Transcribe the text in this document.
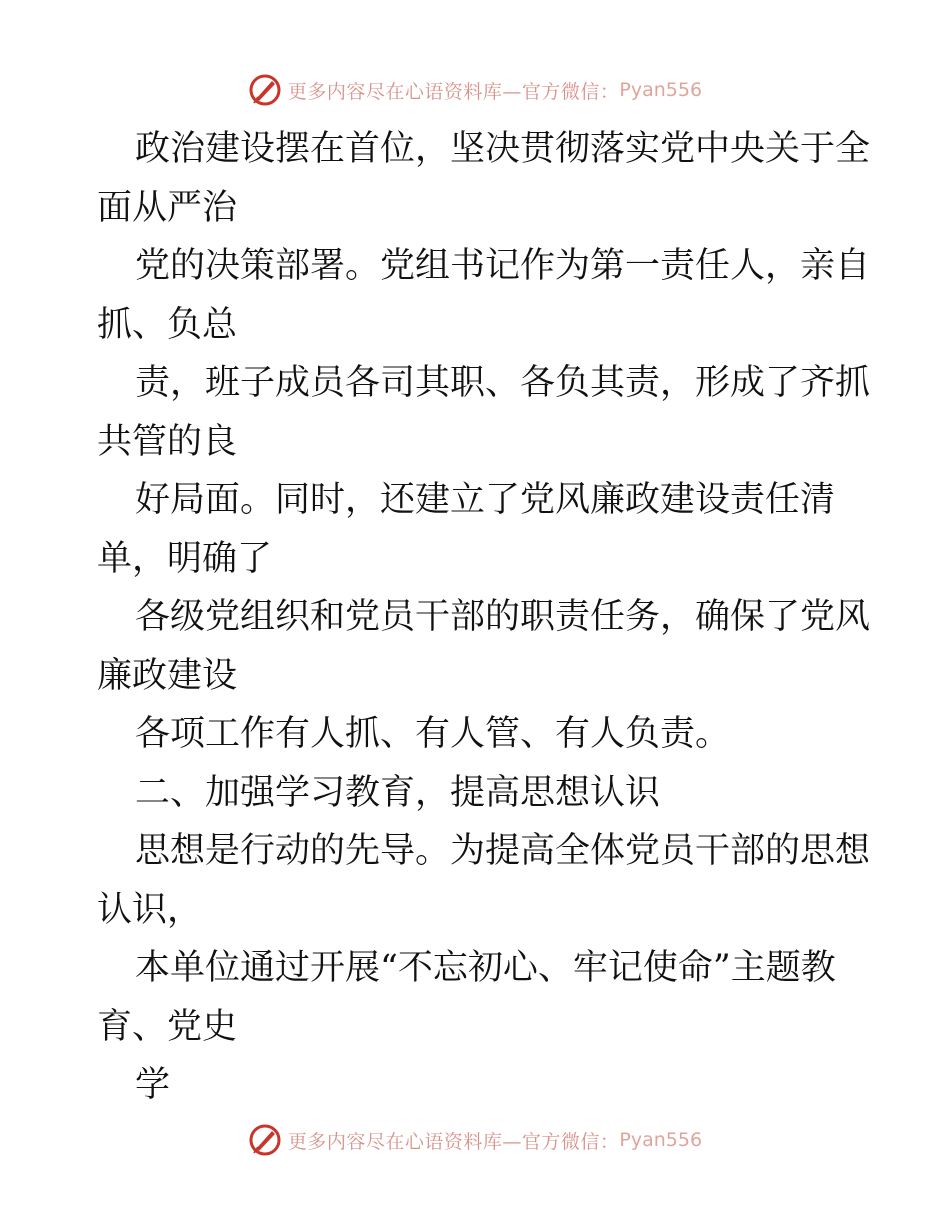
更多内容尽在心语资料库—官方微信： Pyan556
政治建设摆在首位，坚决贯彻落实党中央关于全
面从严治
党的决策部署。党组书记作为第一责任人，亲自
抓、负总
责，班子成员各司其职、各负其责，形成了齐抓
共管的良
好局面。同时，还建立了党风廉政建设责任清
单，明确了
各级党组织和党员干部的职责任务，确保了党风
廉政建设
各项工作有人抓、有人管、有人负责。
二、加强学习教育，提高思想认识
思想是行动的先导。为提高全体党员干部的思想
认识，
本单位通过开展“不忘初心、牢记使命”主题教
育、党史
学
更多内容尽在心语资料库—官方微信： Pyan556
